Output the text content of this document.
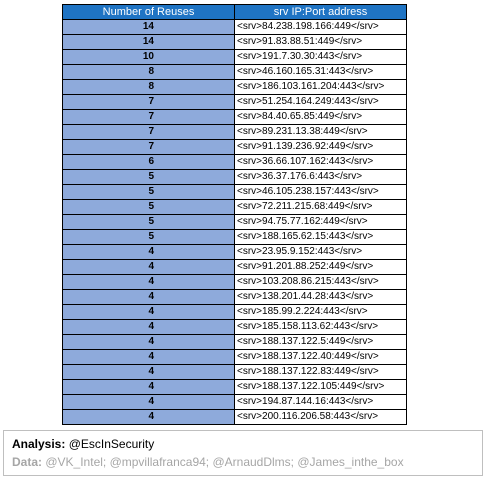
Number of Reuses	srv IP:Port address
14	<srv>84.238.198.166:449</srv>
14	<srv>91.83.88.51:449</srv>
10	<srv>191.7.30.30:443</srv>
8	<srv>46.160.165.31:443</srv>
8	<srv>186.103.161.204:443</srv>
7	<srv>51.254.164.249:443</srv>
7	<srv>84.40.65.85:449</srv>
7	<srv>89.231.13.38:449</srv>
7	<srv>91.139.236.92:449</srv>
6	<srv>36.66.107.162:443</srv>
5	<srv>36.37.176.6:443</srv>
5	<srv>46.105.238.157:443</srv>
5	<srv>72.211.215.68:449</srv>
5	<srv>94.75.77.162:449</srv>
5	<srv>188.165.62.15:443</srv>
4	<srv>23.95.9.152:443</srv>
4	<srv>91.201.88.252:449</srv>
4	<srv>103.208.86.215:443</srv>
4	<srv>138.201.44.28:443</srv>
4	<srv>185.99.2.224:443</srv>
4	<srv>185.158.113.62:443</srv>
4	<srv>188.137.122.5:449</srv>
4	<srv>188.137.122.40:449</srv>
4	<srv>188.137.122.83:449</srv>
4	<srv>188.137.122.105:449</srv>
4	<srv>194.87.144.16:443</srv>
4	<srv>200.116.206.58:443</srv>
Analysis: @EscInSecurity
Data: @VK_Intel; @mpvillafranca94; @ArnaudDlms; @James_inthe_box
